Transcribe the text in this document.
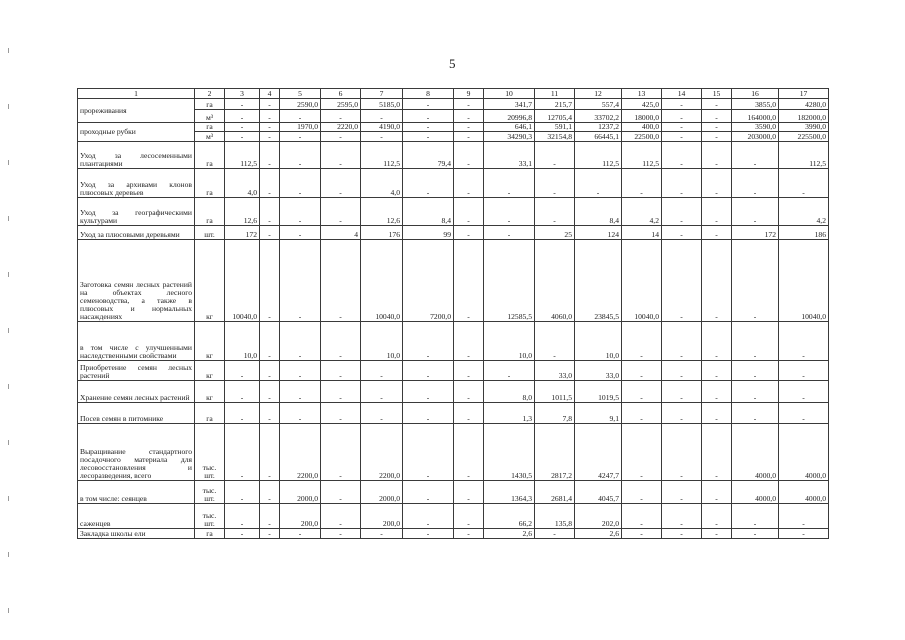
5
1	2	3	4	5	6	7	8	9	10	11	12	13	14	15	16	17
прореживания	га	-	-	2590,0	2595,0	5185,0	-	-	341,7	215,7	557,4	425,0	-	-	3855,0	4280,0
	м³	-	-	-	-	-	-	-	20996,8	12705,4	33702,2	18000,0	-	-	164000,0	182000,0
проходные рубки	га	-	-	1970,0	2220,0	4190,0	-	-	646,1	591,1	1237,2	400,0	-	-	3590,0	3990,0
	м³	-	-	-	-	-	-	-	34290,3	32154,8	66445,1	22500,0	-	-	203000,0	225500,0
Уход за лесосеменными плантациями	га	112,5	-	-	-	112,5	79,4	-	33,1	-	112,5	112,5	-	-	-	112,5
Уход за архивами клонов плюсовых деревьев	га	4,0	-	-	-	4,0	-	-	-	-	-	-	-	-	-	-
Уход за географическими культурами	га	12,6	-	-	-	12,6	8,4	-	-	-	8,4	4,2	-	-	-	4,2
Уход за плюсовыми деревьями	шт.	172	-	-	4	176	99	-	-	25	124	14	-	-	172	186
Заготовка семян лесных растений на объектах лесного семеноводства, а также в плюсовых и нормальных насаждениях	кг	10040,0	-	-	-	10040,0	7200,0	-	12585,5	4060,0	23845,5	10040,0	-	-	-	10040,0
в том числе с улучшенными наследственными свойствами	кг	10,0	-	-	-	10,0	-	-	10,0	-	10,0	-	-	-	-	-
Приобретение семян лесных растений	кг	-	-	-	-	-	-	-	-	33,0	33,0	-	-	-	-	-
Хранение семян лесных растений	кг	-	-	-	-	-	-	-	8,0	1011,5	1019,5	-	-	-	-	-
Посев семян в питомнике	га	-	-	-	-	-	-	-	1,3	7,8	9,1	-	-	-	-	-
Выращивание стандартного посадочного материала для лесовосстановления и лесоразведения, всего	тыс. шт.	-	-	2200,0	-	2200,0	-	-	1430,5	2817,2	4247,7	-	-	-	4000,0	4000,0
в том числе: сеянцев	тыс. шт.	-	-	2000,0	-	2000,0	-	-	1364,3	2681,4	4045,7	-	-	-	4000,0	4000,0
саженцев	тыс. шт.	-	-	200,0	-	200,0	-	-	66,2	135,8	202,0	-	-	-	-	-
Закладка школы ели	га	-	-	-	-	-	-	-	2,6	-	2,6	-	-	-	-	-
